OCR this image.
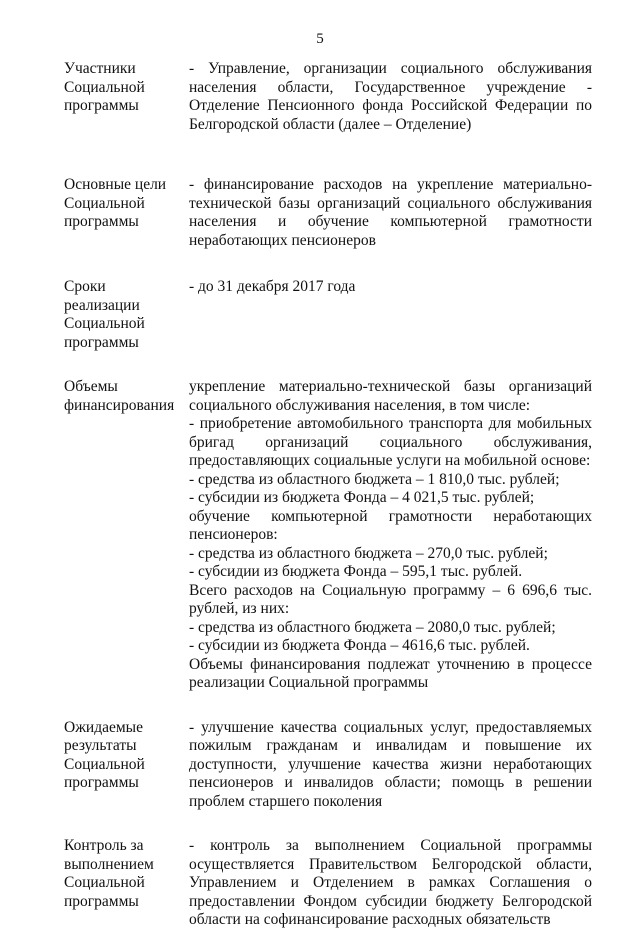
5
Участники
Социальной
программы

- Управление, организации социального обслуживания населения области, Государственное учреждение - Отделение Пенсионного фонда Российской Федерации по Белгородской области (далее – Отделение)

Основные цели
Социальной
программы

- финансирование расходов на укрепление материально-технической базы организаций социального обслуживания населения и обучение компьютерной грамотности неработающих пенсионеров

Сроки
реализации
Социальной
программы

- до 31 декабря 2017 года

Объемы
финансирования

укрепление материально-технической базы организаций социального обслуживания населения, в том числе:

- приобретение автомобильного транспорта для мобильных бригад организаций социального обслуживания, предоставляющих социальные услуги на мобильной основе:

- средства из областного бюджета – 1 810,0 тыс. рублей;

- субсидии из бюджета Фонда – 4 021,5 тыс. рублей;

обучение компьютерной грамотности неработающих пенсионеров:

- средства из областного бюджета – 270,0 тыс. рублей;

- субсидии из бюджета Фонда – 595,1 тыс. рублей.

Всего расходов на Социальную программу – 6 696,6 тыс. рублей, из них:

- средства из областного бюджета – 2080,0 тыс. рублей;

- субсидии из бюджета Фонда – 4616,6 тыс. рублей.

Объемы финансирования подлежат уточнению в процессе реализации Социальной программы

Ожидаемые
результаты
Социальной
программы

- улучшение качества социальных услуг, предоставляемых пожилым гражданам и инвалидам и повышение их доступности, улучшение качества жизни неработающих пенсионеров и инвалидов области; помощь в решении проблем старшего поколения

Контроль за
выполнением
Социальной
программы

- контроль за выполнением Социальной программы осуществляется Правительством Белгородской области, Управлением и Отделением в рамках Соглашения о предоставлении Фондом субсидии бюджету Белгородской области на софинансирование расходных обязательств
